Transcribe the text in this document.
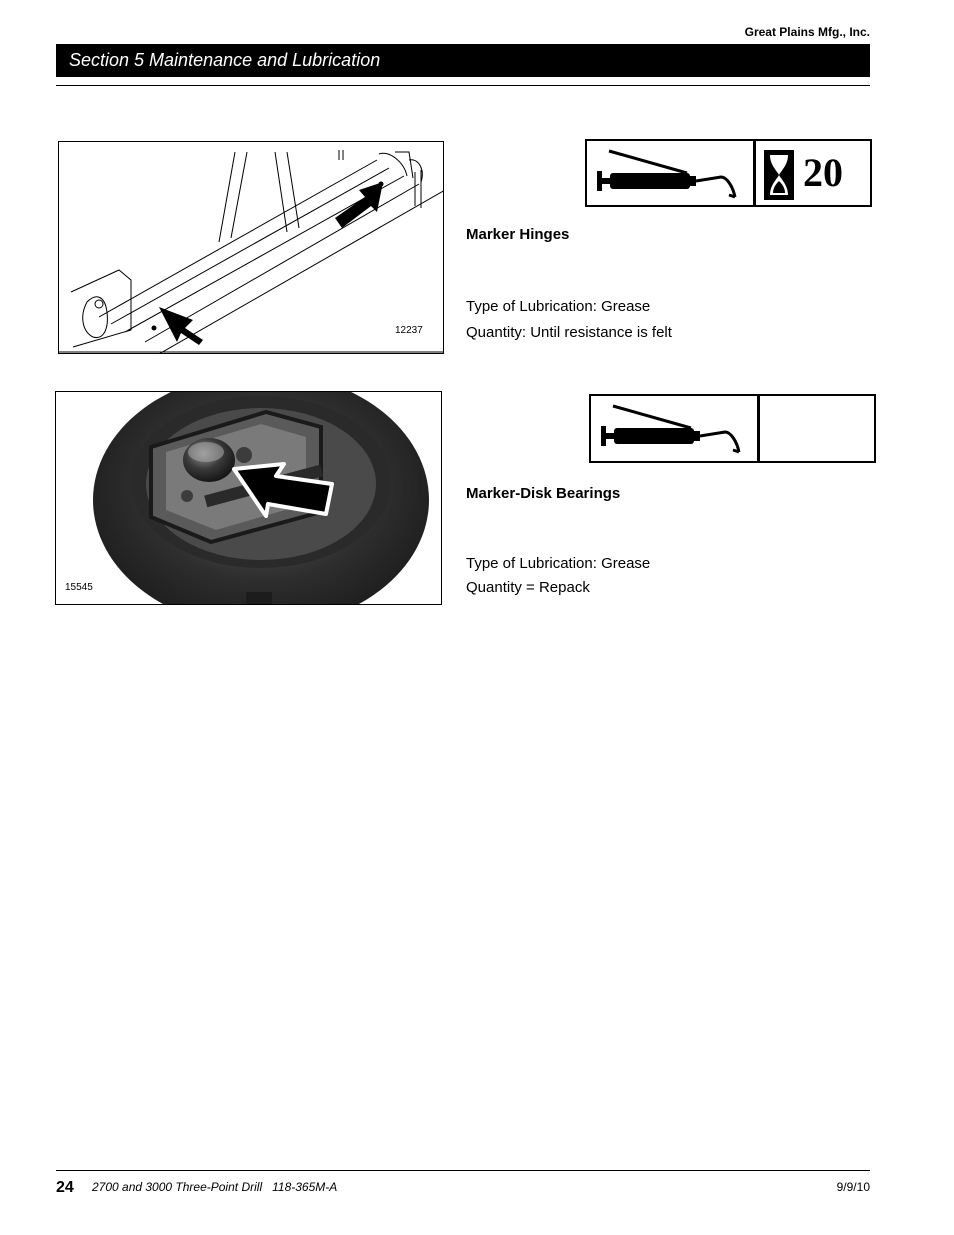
Great Plains Mfg., Inc.
Section 5 Maintenance and Lubrication
12237
20
Marker Hinges
Type of Lubrication: Grease
Quantity: Until resistance is felt
15545
Marker-Disk Bearings
Type of Lubrication: Grease
Quantity = Repack
24 2700 and 3000 Three-Point Drill   118-365M-A	9/9/10
